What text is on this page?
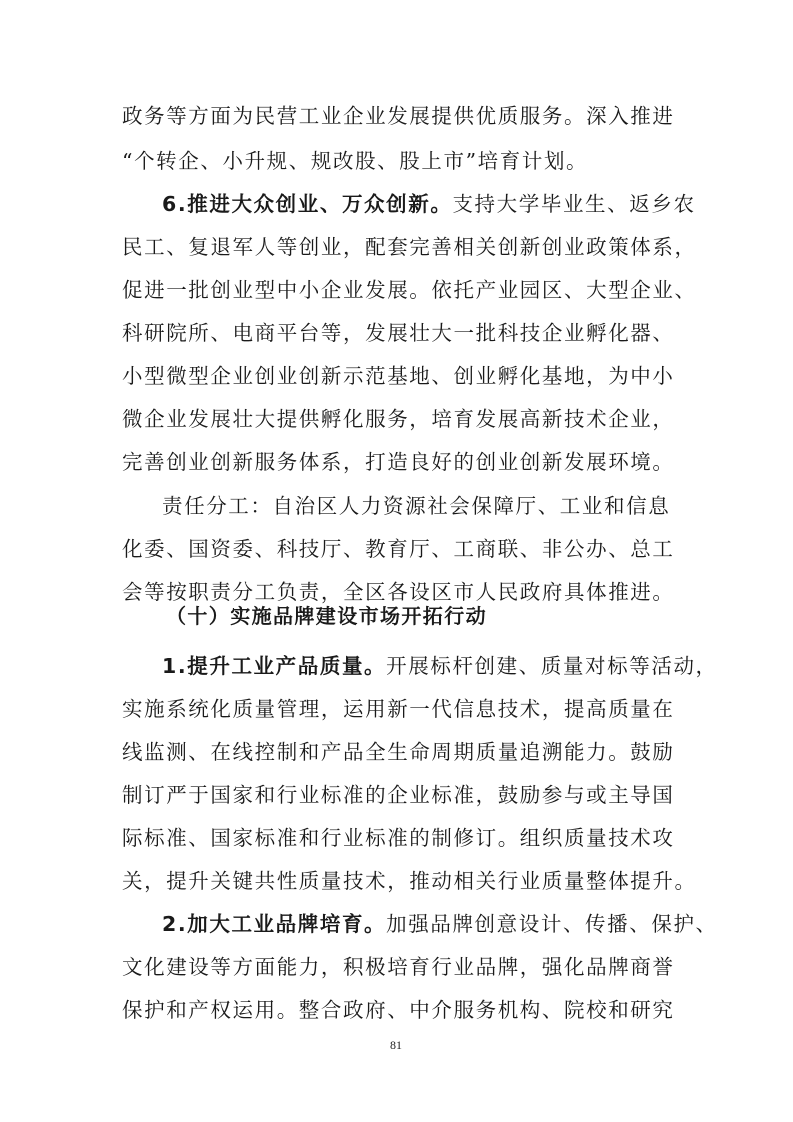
政务等方面为民营工业企业发展提供优质服务。深入推进
“个转企、小升规、规改股、股上市”培育计划。
6.推进大众创业、万众创新。支持大学毕业生、返乡农
民工、复退军人等创业，配套完善相关创新创业政策体系，
促进一批创业型中小企业发展。依托产业园区、大型企业、
科研院所、电商平台等，发展壮大一批科技企业孵化器、
小型微型企业创业创新示范基地、创业孵化基地，为中小
微企业发展壮大提供孵化服务，培育发展高新技术企业，
完善创业创新服务体系，打造良好的创业创新发展环境。
责任分工：自治区人力资源社会保障厅、工业和信息
化委、国资委、科技厅、教育厅、工商联、非公办、总工
会等按职责分工负责，全区各设区市人民政府具体推进。
（十）实施品牌建设市场开拓行动
1.提升工业产品质量。开展标杆创建、质量对标等活动，
实施系统化质量管理，运用新一代信息技术，提高质量在
线监测、在线控制和产品全生命周期质量追溯能力。鼓励
制订严于国家和行业标准的企业标准，鼓励参与或主导国
际标准、国家标准和行业标准的制修订。组织质量技术攻
关，提升关键共性质量技术，推动相关行业质量整体提升。
2.加大工业品牌培育。加强品牌创意设计、传播、保护、
文化建设等方面能力，积极培育行业品牌，强化品牌商誉
保护和产权运用。整合政府、中介服务机构、院校和研究
81
